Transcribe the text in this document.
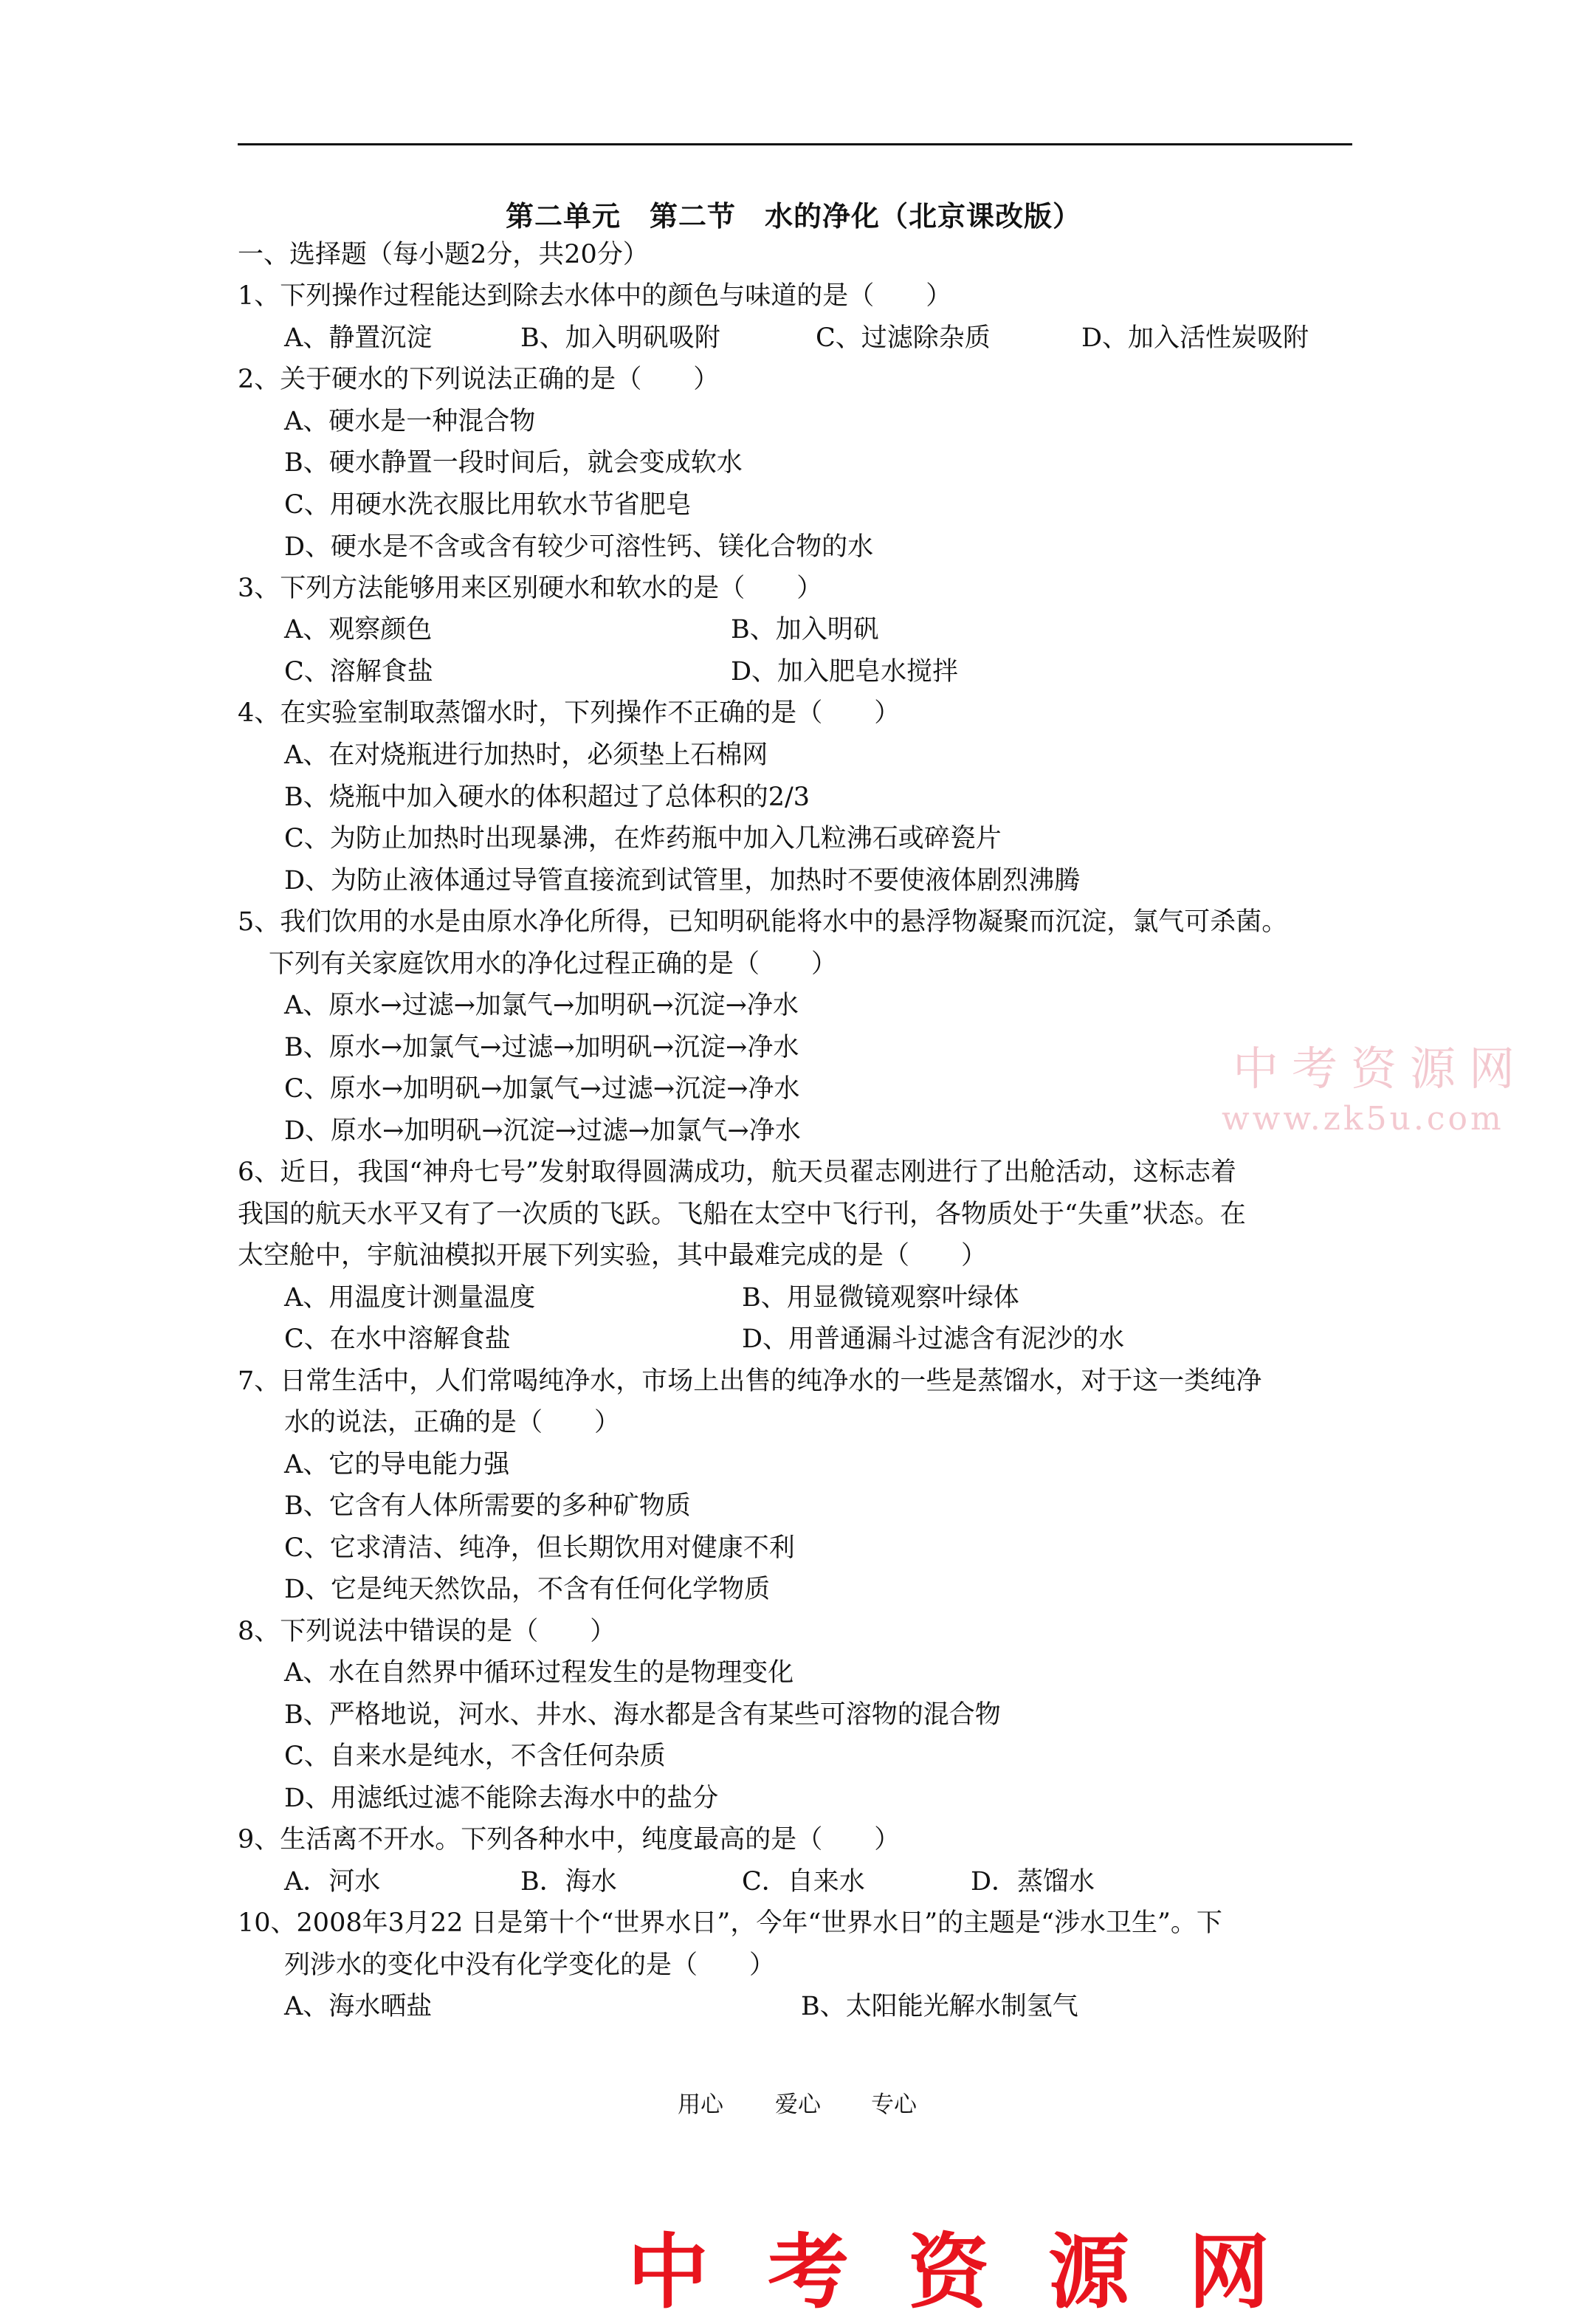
第二单元　第二节　水的净化（北京课改版）
一、选择题（每小题2分，共20分）
1、下列操作过程能达到除去水体中的颜色与味道的是（　　）
A、静置沉淀	B、加入明矾吸附	C、过滤除杂质	D、加入活性炭吸附
2、关于硬水的下列说法正确的是（　　）
A、硬水是一种混合物
B、硬水静置一段时间后，就会变成软水
C、用硬水洗衣服比用软水节省肥皂
D、硬水是不含或含有较少可溶性钙、镁化合物的水
3、下列方法能够用来区别硬水和软水的是（　　）
A、观察颜色	B、加入明矾
C、溶解食盐	D、加入肥皂水搅拌
4、在实验室制取蒸馏水时，下列操作不正确的是（　　）
A、在对烧瓶进行加热时，必须垫上石棉网
B、烧瓶中加入硬水的体积超过了总体积的2/3
C、为防止加热时出现暴沸，在炸药瓶中加入几粒沸石或碎瓷片
D、为防止液体通过导管直接流到试管里，加热时不要使液体剧烈沸腾
5、我们饮用的水是由原水净化所得，已知明矾能将水中的悬浮物凝聚而沉淀，氯气可杀菌。
下列有关家庭饮用水的净化过程正确的是（　　）
A、原水→过滤→加氯气→加明矾→沉淀→净水
B、原水→加氯气→过滤→加明矾→沉淀→净水
C、原水→加明矾→加氯气→过滤→沉淀→净水
D、原水→加明矾→沉淀→过滤→加氯气→净水
6、近日，我国“神舟七号”发射取得圆满成功，航天员翟志刚进行了出舱活动，这标志着
我国的航天水平又有了一次质的飞跃。飞船在太空中飞行刊，各物质处于“失重”状态。在
太空舱中，宇航油模拟开展下列实验，其中最难完成的是（　　）
A、用温度计测量温度	B、用显微镜观察叶绿体
C、在水中溶解食盐	D、用普通漏斗过滤含有泥沙的水
7、日常生活中，人们常喝纯净水，市场上出售的纯净水的一些是蒸馏水，对于这一类纯净
水的说法，正确的是（　　）
A、它的导电能力强
B、它含有人体所需要的多种矿物质
C、它求清洁、纯净，但长期饮用对健康不利
D、它是纯天然饮品，不含有任何化学物质
8、下列说法中错误的是（　　）
A、水在自然界中循环过程发生的是物理变化
B、严格地说，河水、井水、海水都是含有某些可溶物的混合物
C、自来水是纯水，不含任何杂质
D、用滤纸过滤不能除去海水中的盐分
9、生活离不开水。下列各种水中，纯度最高的是（　　）
A．河水	B．海水	C．自来水	D．蒸馏水
10、2008年3月22 日是第十个“世界水日”，今年“世界水日”的主题是“涉水卫生”。下
列涉水的变化中没有化学变化的是（　　）
A、海水晒盐	B、太阳能光解水制氢气
中考资源网
www.zk5u.com
用心 爱心 专心
中考资源网
